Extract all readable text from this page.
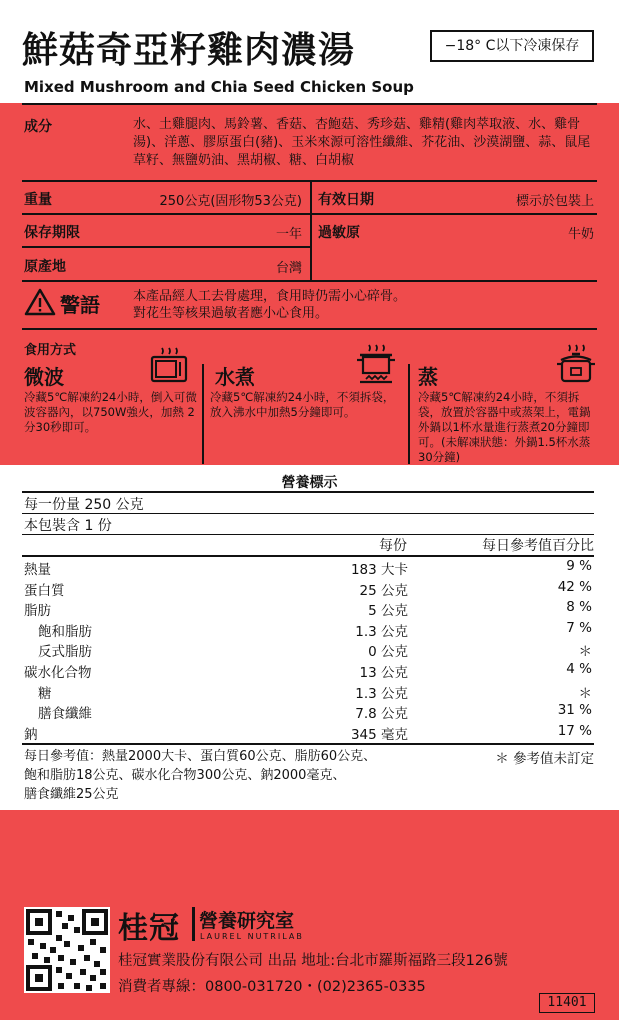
鮮菇奇亞籽雞肉濃湯
Mixed Mushroom and Chia Seed Chicken Soup
−18° C以下冷凍保存
成分	水、土雞腿肉、馬鈴薯、香菇、杏鮑菇、秀珍菇、雞精(雞肉萃取液、水、雞骨湯)、洋蔥、膠原蛋白(豬)、玉米來源可溶性纖維、芥花油、沙漠湖鹽、蒜、鼠尾草籽、無鹽奶油、黑胡椒、糖、白胡椒
重量	250公克(固形物53公克) 有效日期	標示於包裝上
保存期限	一年 過敏原	牛奶
原產地	台灣
警語	本產品經人工去骨處理，食用時仍需小心碎骨。
對花生等核果過敏者應小心食用。
食用方式
微波
冷藏5℃解凍約24小時，倒入可微波容器內，以750W強火，加熱 2分30秒即可。
水煮
冷藏5℃解凍約24小時，不須拆袋，放入沸水中加熱5分鐘即可。
蒸
冷藏5℃解凍約24小時，不須拆袋，放置於容器中或蒸架上，電鍋外鍋以1杯水量進行蒸煮20分鐘即可。(未解凍狀態：外鍋1.5杯水蒸30分鐘)
營養標示
每一份量 250 公克
本包裝含 1 份
每份	每日參考值百分比
熱量	183 大卡	9 %
蛋白質	25 公克	42 %
脂肪	5 公克	8 %
飽和脂肪	1.3 公克	7 %
反式脂肪	0 公克	＊
碳水化合物	13 公克	4 %
糖	1.3 公克	＊
膳食纖維	7.8 公克	31 %
鈉	345 毫克	17 %
每日參考值：熱量2000大卡、蛋白質60公克、脂肪60公克、
飽和脂肪18公克、碳水化合物300公克、鈉2000毫克、
膳食纖維25公克
＊ 參考值未訂定
桂冠 營養研究室
LAUREL NUTRILAB
桂冠實業股份有限公司 出品 地址:台北市羅斯福路三段126號
消費者專線：0800-031720・(02)2365-0335
11401
